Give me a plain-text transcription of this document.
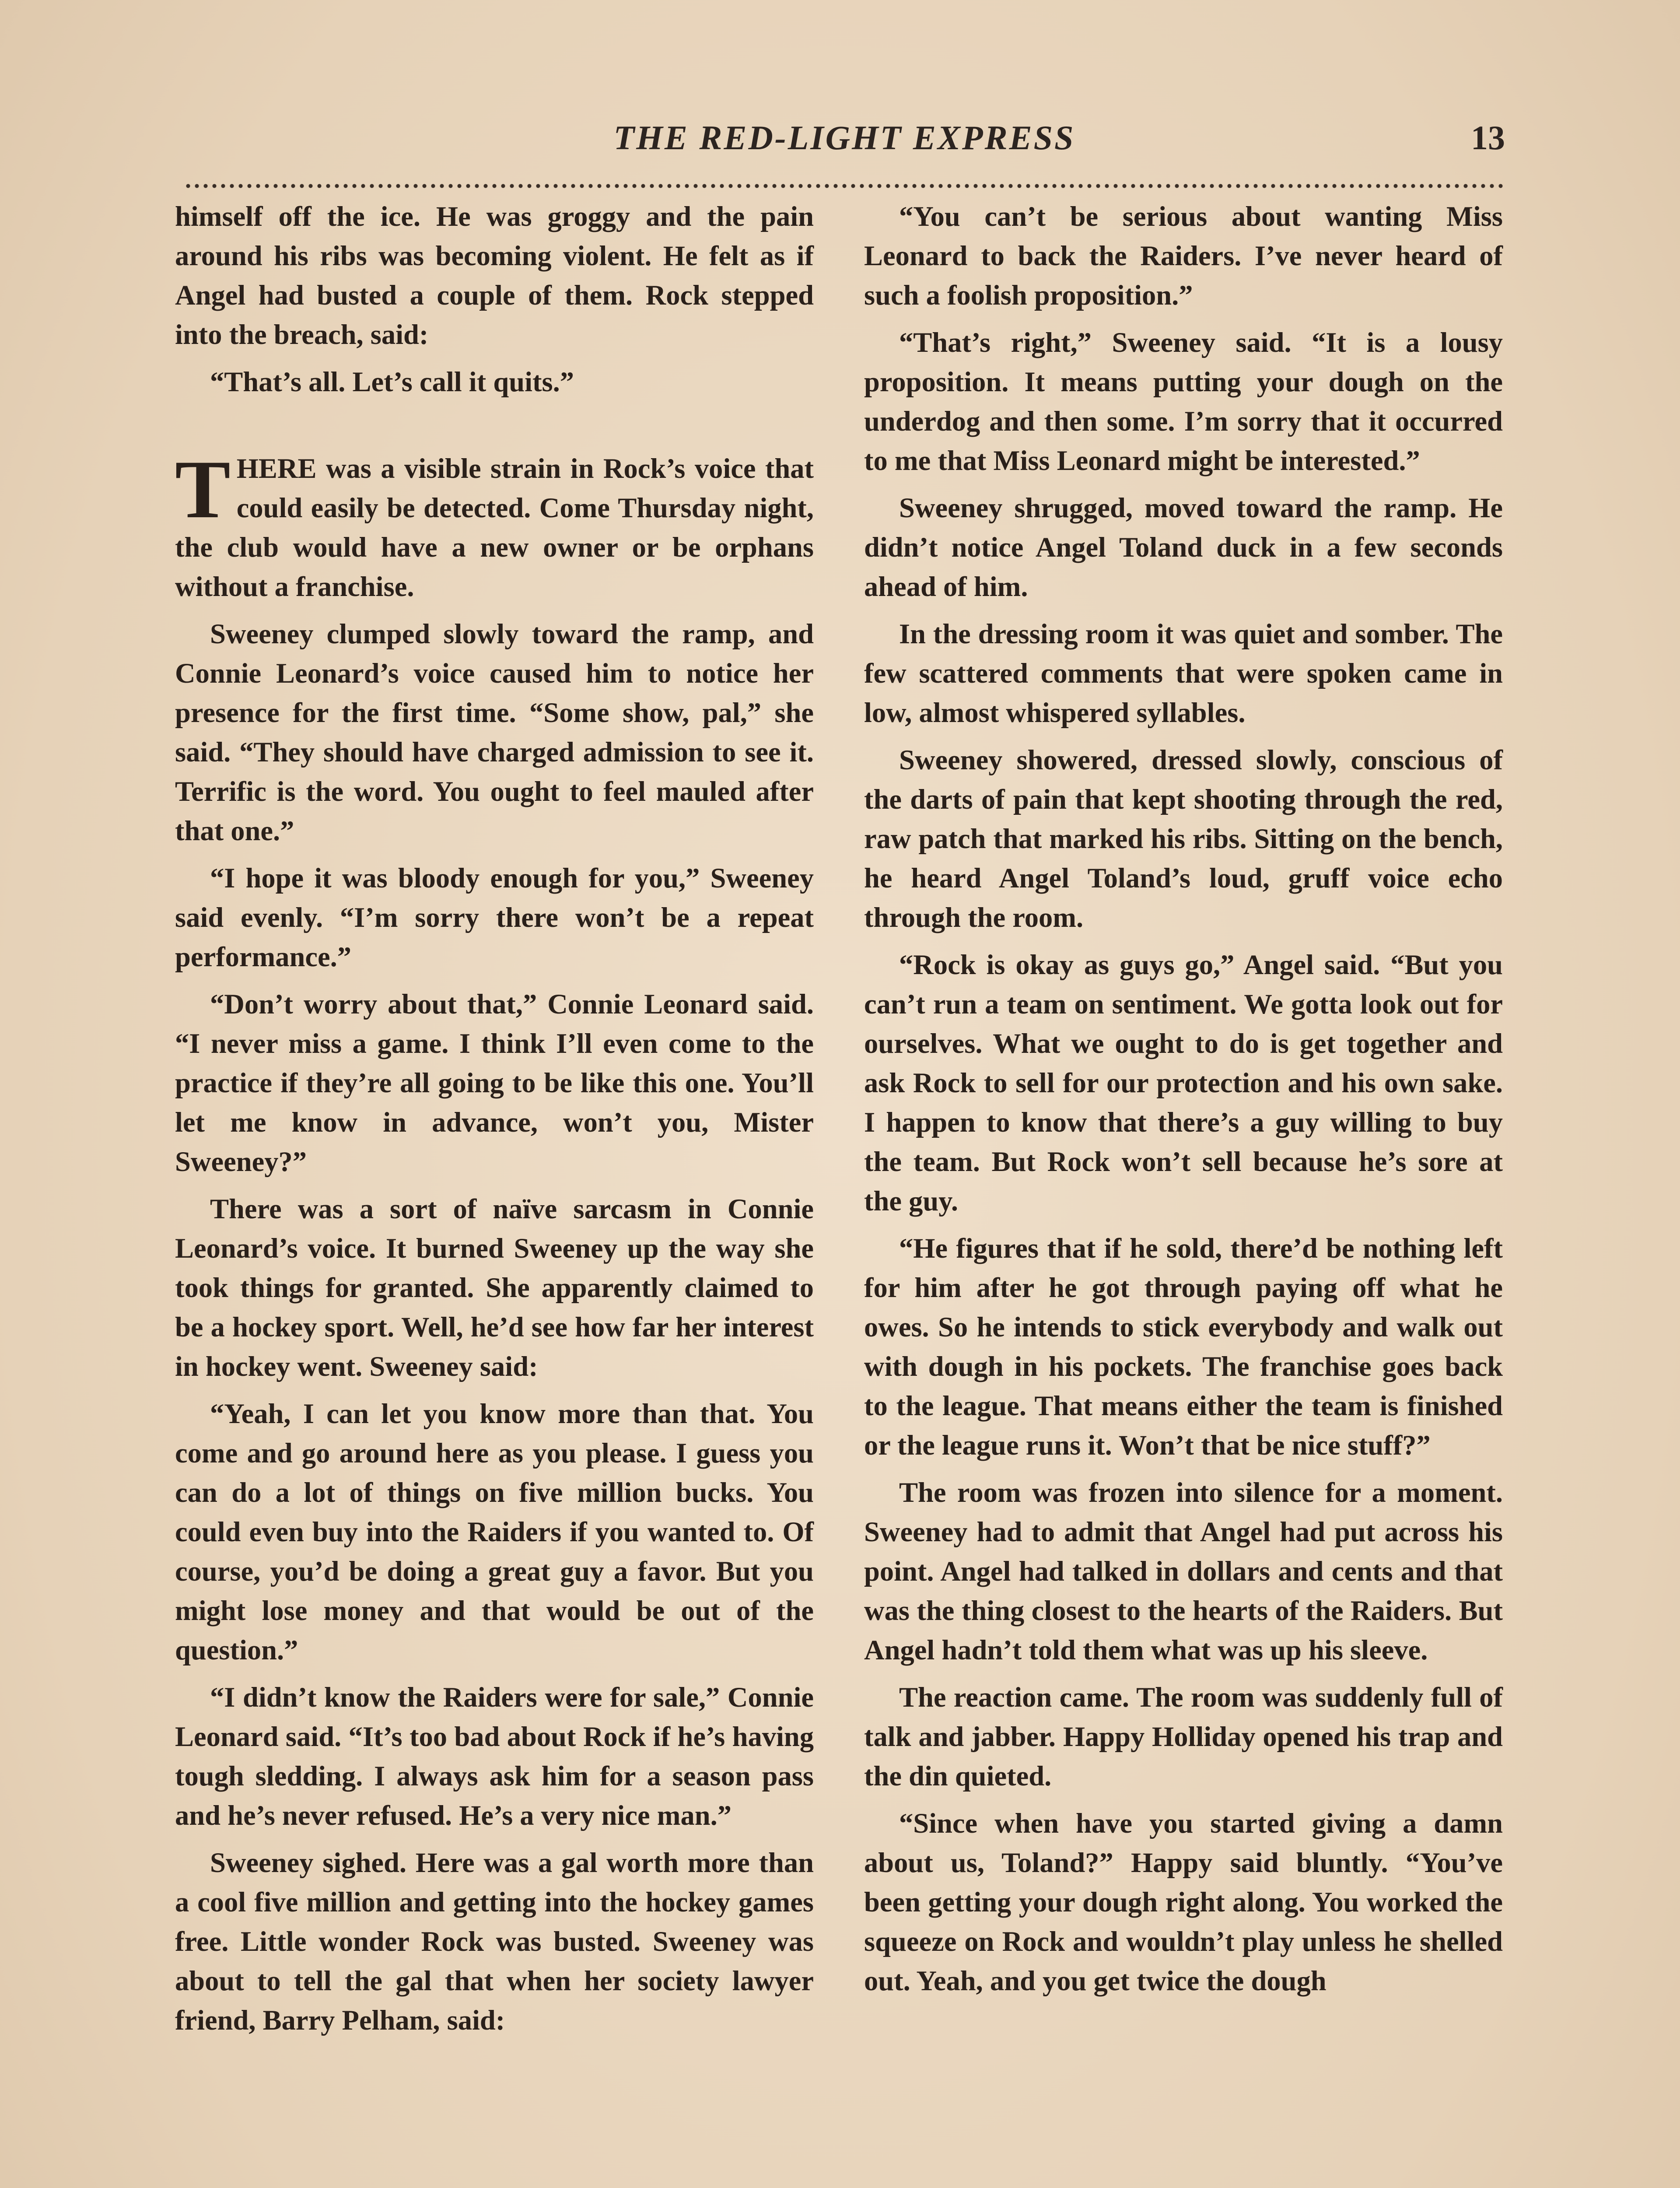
THE RED-LIGHT EXPRESS	13

himself off the ice. He was groggy and the pain around his ribs was becoming violent. He felt as if Angel had busted a couple of them. Rock stepped into the breach, said:

“That’s all. Let’s call it quits.”

THERE was a visible strain in Rock’s voice that could easily be detected. Come Thursday night, the club would have a new owner or be orphans without a franchise.

Sweeney clumped slowly toward the ramp, and Connie Leonard’s voice caused him to notice her presence for the first time. “Some show, pal,” she said. “They should have charged admission to see it. Terrific is the word. You ought to feel mauled after that one.”

“I hope it was bloody enough for you,” Sweeney said evenly. “I’m sorry there won’t be a repeat performance.”

“Don’t worry about that,” Connie Leonard said. “I never miss a game. I think I’ll even come to the practice if they’re all going to be like this one. You’ll let me know in advance, won’t you, Mister Sweeney?”

There was a sort of naïve sarcasm in Connie Leonard’s voice. It burned Sweeney up the way she took things for granted. She apparently claimed to be a hockey sport. Well, he’d see how far her interest in hockey went. Sweeney said:

“Yeah, I can let you know more than that. You come and go around here as you please. I guess you can do a lot of things on five million bucks. You could even buy into the Raiders if you wanted to. Of course, you’d be doing a great guy a favor. But you might lose money and that would be out of the question.”

“I didn’t know the Raiders were for sale,” Connie Leonard said. “It’s too bad about Rock if he’s having tough sledding. I always ask him for a season pass and he’s never refused. He’s a very nice man.”

Sweeney sighed. Here was a gal worth more than a cool five million and getting into the hockey games free. Little wonder Rock was busted. Sweeney was about to tell the gal that when her society lawyer friend, Barry Pelham, said:

“You can’t be serious about wanting Miss Leonard to back the Raiders. I’ve never heard of such a foolish proposition.”

“That’s right,” Sweeney said. “It is a lousy proposition. It means putting your dough on the underdog and then some. I’m sorry that it occurred to me that Miss Leonard might be interested.”

Sweeney shrugged, moved toward the ramp. He didn’t notice Angel Toland duck in a few seconds ahead of him.

In the dressing room it was quiet and somber. The few scattered comments that were spoken came in low, almost whispered syllables.

Sweeney showered, dressed slowly, conscious of the darts of pain that kept shooting through the red, raw patch that marked his ribs. Sitting on the bench, he heard Angel Toland’s loud, gruff voice echo through the room.

“Rock is okay as guys go,” Angel said. “But you can’t run a team on sentiment. We gotta look out for ourselves. What we ought to do is get together and ask Rock to sell for our protection and his own sake. I happen to know that there’s a guy willing to buy the team. But Rock won’t sell because he’s sore at the guy.

“He figures that if he sold, there’d be nothing left for him after he got through paying off what he owes. So he intends to stick everybody and walk out with dough in his pockets. The franchise goes back to the league. That means either the team is finished or the league runs it. Won’t that be nice stuff?”

The room was frozen into silence for a moment. Sweeney had to admit that Angel had put across his point. Angel had talked in dollars and cents and that was the thing closest to the hearts of the Raiders. But Angel hadn’t told them what was up his sleeve.

The reaction came. The room was suddenly full of talk and jabber. Happy Holliday opened his trap and the din quieted.

“Since when have you started giving a damn about us, Toland?” Happy said bluntly. “You’ve been getting your dough right along. You worked the squeeze on Rock and wouldn’t play unless he shelled out. Yeah, and you get twice the dough
